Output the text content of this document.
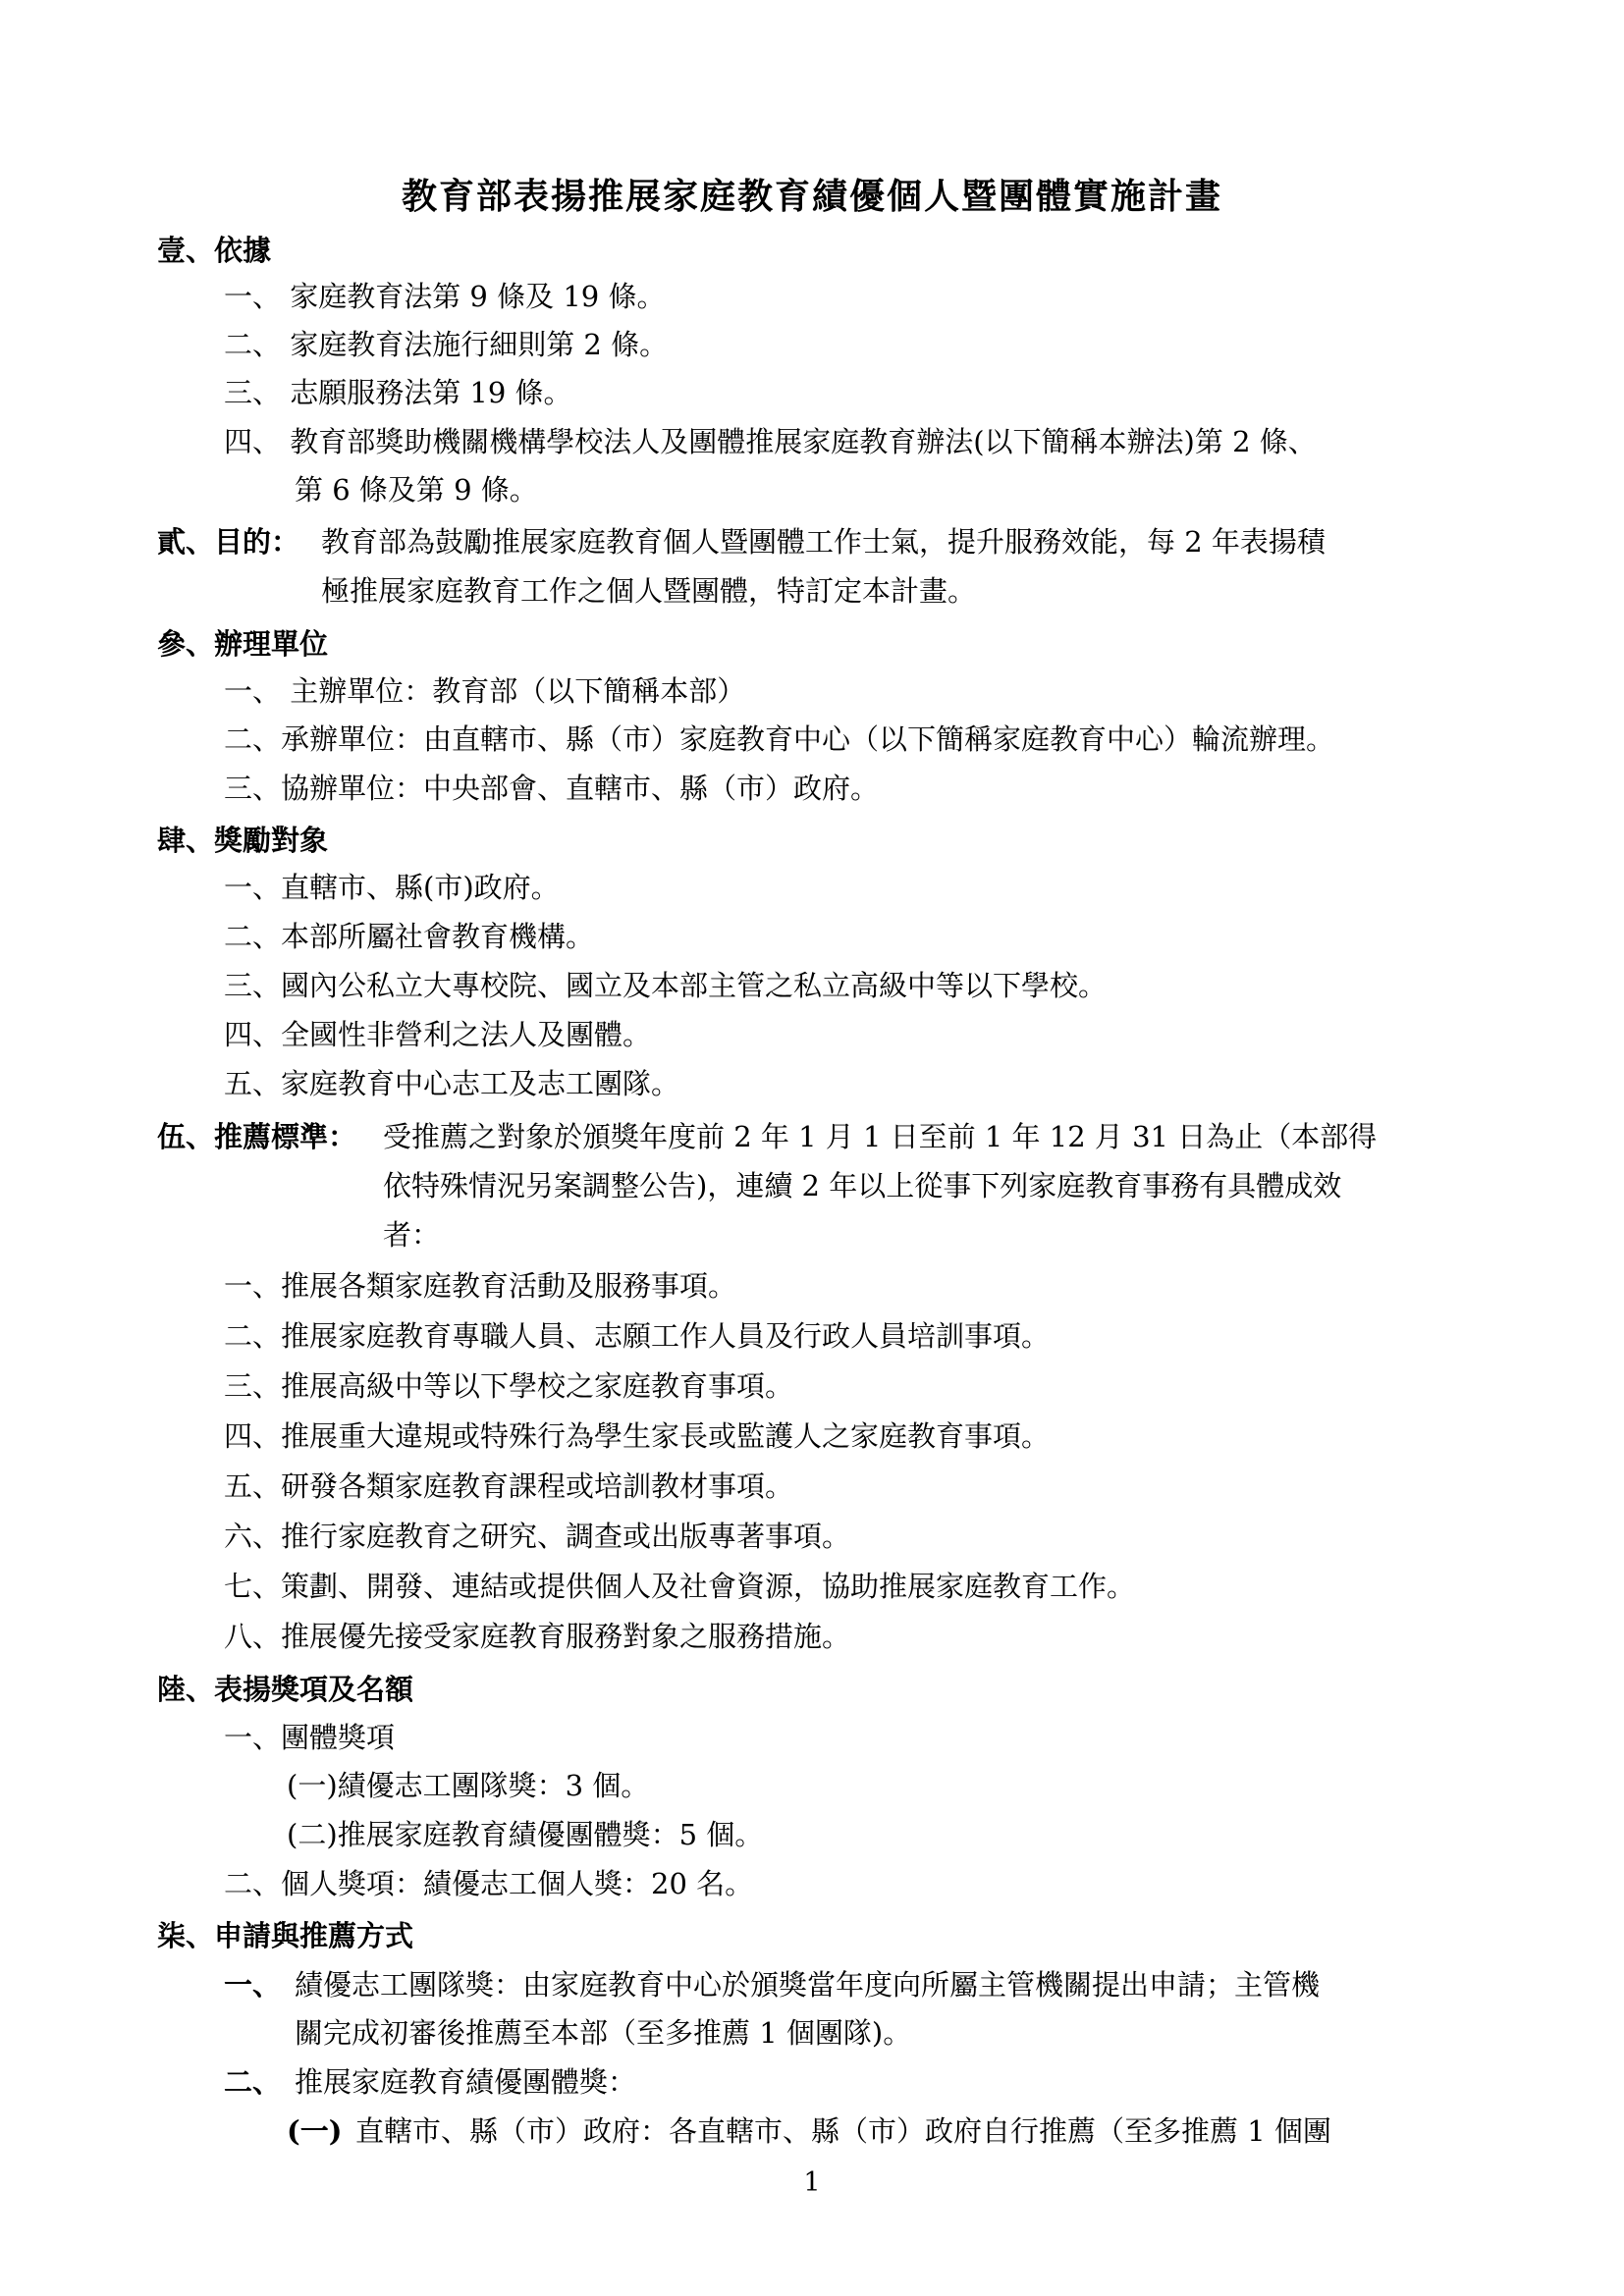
教育部表揚推展家庭教育績優個人暨團體實施計畫
壹、依據
一、 家庭教育法第 9 條及 19 條。
二、 家庭教育法施行細則第 2 條。
三、 志願服務法第 19 條。
四、 教育部獎助機關機構學校法人及團體推展家庭教育辦法(以下簡稱本辦法)第 2 條、
第 6 條及第 9 條。
貳、目的： 教育部為鼓勵推展家庭教育個人暨團體工作士氣，提升服務效能，每 2 年表揚積
極推展家庭教育工作之個人暨團體，特訂定本計畫。
參、辦理單位
一、 主辦單位：教育部（以下簡稱本部）
二、承辦單位：由直轄市、縣（市）家庭教育中心（以下簡稱家庭教育中心）輪流辦理。
三、協辦單位：中央部會、直轄市、縣（市）政府。
肆、獎勵對象
一、直轄市、縣(市)政府。
二、本部所屬社會教育機構。
三、國內公私立大專校院、國立及本部主管之私立高級中等以下學校。
四、全國性非營利之法人及團體。
五、家庭教育中心志工及志工團隊。
伍、推薦標準： 受推薦之對象於頒獎年度前 2 年 1 月 1 日至前 1 年 12 月 31 日為止（本部得
依特殊情況另案調整公告)，連續 2 年以上從事下列家庭教育事務有具體成效
者：
一、推展各類家庭教育活動及服務事項。
二、推展家庭教育專職人員、志願工作人員及行政人員培訓事項。
三、推展高級中等以下學校之家庭教育事項。
四、推展重大違規或特殊行為學生家長或監護人之家庭教育事項。
五、研發各類家庭教育課程或培訓教材事項。
六、推行家庭教育之研究、調查或出版專著事項。
七、策劃、開發、連結或提供個人及社會資源，協助推展家庭教育工作。
八、推展優先接受家庭教育服務對象之服務措施。
陸、表揚獎項及名額
一、團體獎項
(一)績優志工團隊獎：3 個。
(二)推展家庭教育績優團體獎：5 個。
二、個人獎項：績優志工個人獎：20 名。
柒、申請與推薦方式
一、 績優志工團隊獎：由家庭教育中心於頒獎當年度向所屬主管機關提出申請；主管機
關完成初審後推薦至本部（至多推薦 1 個團隊)。
二、 推展家庭教育績優團體獎：
(一) 直轄市、縣（市）政府：各直轄市、縣（市）政府自行推薦（至多推薦 1 個團
1
